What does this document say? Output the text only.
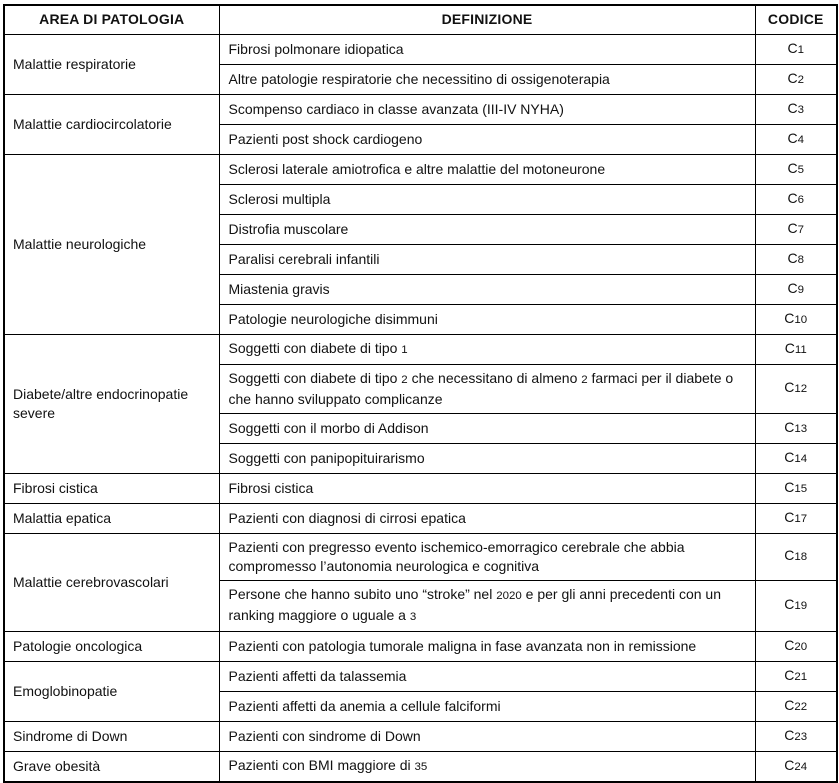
AREA DI PATOLOGIA	DEFINIZIONE	CODICE
Malattie respiratorie	Fibrosi polmonare idiopatica	C1
	Altre patologie respiratorie che necessitino di ossigenoterapia	C2
Malattie cardiocircolatorie	Scompenso cardiaco in classe avanzata (III-IV NYHA)	C3
	Pazienti post shock cardiogeno	C4
Malattie neurologiche	Sclerosi laterale amiotrofica e altre malattie del motoneurone	C5
	Sclerosi multipla	C6
	Distrofia muscolare	C7
	Paralisi cerebrali infantili	C8
	Miastenia gravis	C9
	Patologie neurologiche disimmuni	C10
Diabete/altre endocrinopatie severe	Soggetti con diabete di tipo 1	C11
	Soggetti con diabete di tipo 2 che necessitano di almeno 2 farmaci per il diabete o che hanno sviluppato complicanze	C12
	Soggetti con il morbo di Addison	C13
	Soggetti con panipopituirarismo	C14
Fibrosi cistica	Fibrosi cistica	C15
Malattia epatica	Pazienti con diagnosi di cirrosi epatica	C17
Malattie cerebrovascolari	Pazienti con pregresso evento ischemico-emorragico cerebrale che abbia compromesso l’autonomia neurologica e cognitiva	C18
	Persone che hanno subito uno “stroke” nel 2020 e per gli anni precedenti con un ranking maggiore o uguale a 3	C19
Patologie oncologica	Pazienti con patologia tumorale maligna in fase avanzata non in remissione	C20
Emoglobinopatie	Pazienti affetti da talassemia	C21
	Pazienti affetti da anemia a cellule falciformi	C22
Sindrome di Down	Pazienti con sindrome di Down	C23
Grave obesità	Pazienti con BMI maggiore di 35	C24
